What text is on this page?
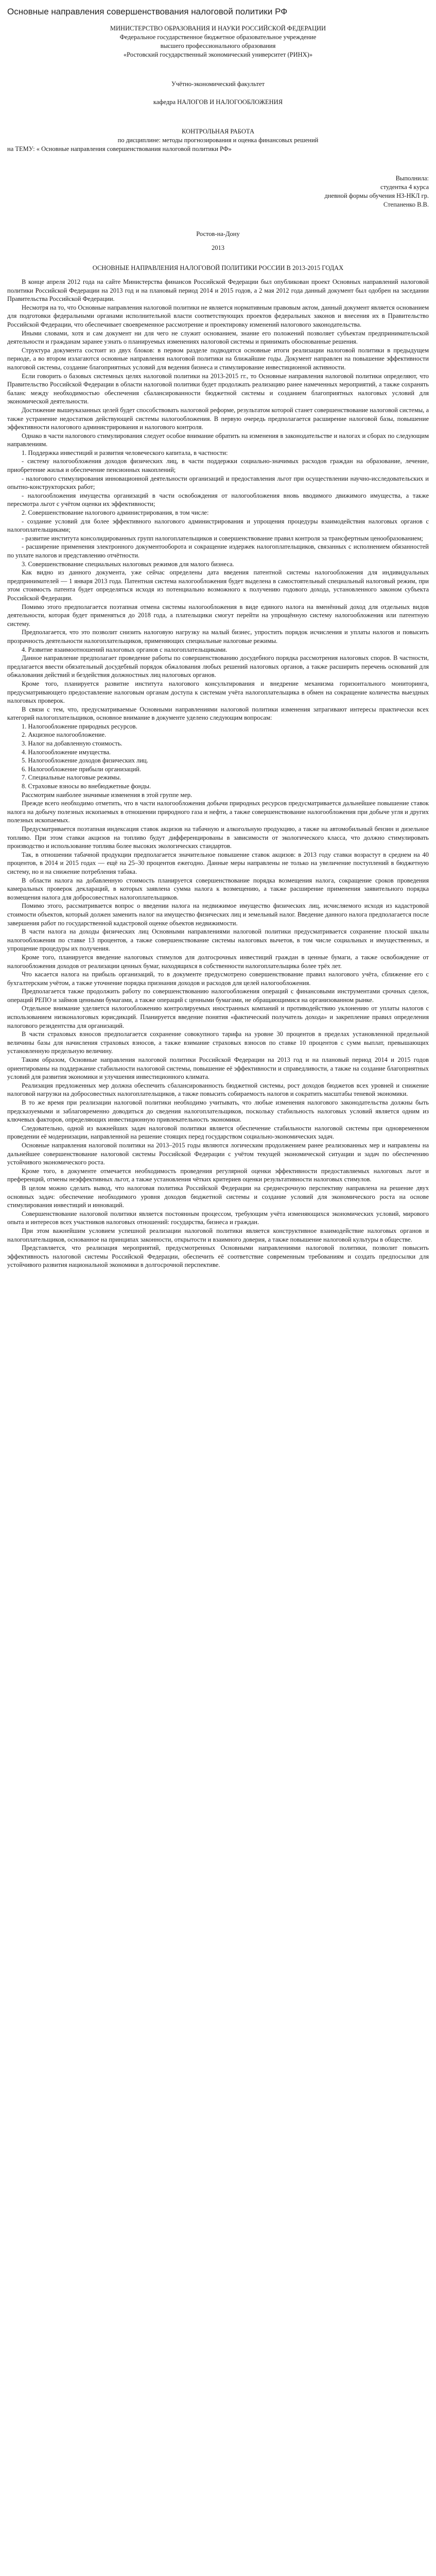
Основные направления совершенствования налоговой политики РФ

МИНИСТЕРСТВО ОБРАЗОВАНИЯ И НАУКИ РОССИЙСКОЙ ФЕДЕРАЦИИ

Федеральное государственное бюджетное образовательное учреждение

высшего профессионального образования

«Ростовский государственный экономический университет (РИНХ)»

Учётно-экономический факультет

кафедра НАЛОГОВ И НАЛОГООБЛОЖЕНИЯ

КОНТРОЛЬНАЯ РАБОТА

по дисциплине: методы прогнозирования и оценка финансовых решений

на ТЕМУ: « Основные направления совершенствования налоговой политики РФ»

Выполнила:

студентка 4 курса

дневной формы обучения НЗ-НКЛ гр.

Степаненко В.В.

Ростов-на-Дону

2013

ОСНОВНЫЕ НАПРАВЛЕНИЯ НАЛОГОВОЙ ПОЛИТИКИ РОССИИ В 2013-2015 ГОДАХ

В конце апреля 2012 года на сайте Министерства финансов Российской Федерации был опубликован проект Основных направлений налоговой политики Российской Федерации на 2013 год и на плановый период 2014 и 2015 годов, а 2 мая 2012 года данный документ был одобрен на заседании Правительства Российской Федерации.

Несмотря на то, что Основные направления налоговой политики не является нормативным правовым актом, данный документ является основанием для подготовки федеральными органами исполнительной власти соответствующих проектов федеральных законов и внесения их в Правительство Российской Федерации, что обеспечивает своевременное рассмотрение и проектировку изменений налогового законодательства.

Иными словами, хотя и сам документ ни для чего не служит основанием, знание его положений позволяет субъектам предпринимательской деятельности и гражданам заранее узнать о планируемых изменениях налоговой системы и принимать обоснованные решения.

Структура документа состоит из двух блоков: в первом разделе подводятся основные итоги реализации налоговой политики в предыдущем периоде, а во втором излагаются основные направления налоговой политики на ближайшие годы. Документ направлен на повышение эффективности налоговой системы, создание благоприятных условий для ведения бизнеса и стимулирование инвестиционной активности.

Если говорить о базовых системных целях налоговой политики на 2013-2015 гг., то Основные направления налоговой политики определяют, что Правительство Российской Федерации в области налоговой политики будет продолжать реализацию ранее намеченных мероприятий, а также сохранять баланс между необходимостью обеспечения сбалансированности бюджетной системы и созданием благоприятных налоговых условий для экономической деятельности.

Достижение вышеуказанных целей будет способствовать налоговой реформе, результатом которой станет совершенствование налоговой системы, а также устранение недостатков действующей системы налогообложения. В первую очередь предполагается расширение налоговой базы, повышение эффективности налогового администрирования и налогового контроля.

Однако в части налогового стимулирования следует особое внимание обратить на изменения в законодательстве и налогах и сборах по следующим направлениям.

1. Поддержка инвестиций и развития человеческого капитала, в частности:

- систему налогообложения доходов физических лиц, в части поддержки социально-значимых расходов граждан на образование, лечение, приобретение жилья и обеспечение пенсионных накоплений;

- налогового стимулирования инновационной деятельности организаций и предоставления льгот при осуществлении научно-исследовательских и опытно-конструкторских работ;

- налогообложения имущества организаций в части освобождения от налогообложения вновь вводимого движимого имущества, а также пересмотра льгот с учётом оценки их эффективности;

2. Совершенствование налогового администрирования, в том числе:

- создание условий для более эффективного налогового администрирования и упрощения процедуры взаимодействия налоговых органов с налогоплательщиками;

- развитие института консолидированных групп налогоплательщиков и совершенствование правил контроля за трансфертным ценообразованием;

- расширение применения электронного документооборота и сокращение издержек налогоплательщиков, связанных с исполнением обязанностей по уплате налогов и представлению отчётности.

3. Совершенствование специальных налоговых режимов для малого бизнеса.

Как видно из данного документа, уже сейчас определены дата введения патентной системы налогообложения для индивидуальных предпринимателей — 1 января 2013 года. Патентная система налогообложения будет выделена в самостоятельный специальный налоговый режим, при этом стоимость патента будет определяться исходя из потенциально возможного к получению годового дохода, установленного законом субъекта Российской Федерации.

Помимо этого предполагается поэтапная отмена системы налогообложения в виде единого налога на вменённый доход для отдельных видов деятельности, которая будет применяться до 2018 года, а плательщики смогут перейти на упрощённую систему налогообложения или патентную систему.

Предполагается, что это позволит снизить налоговую нагрузку на малый бизнес, упростить порядок исчисления и уплаты налогов и повысить прозрачность деятельности налогоплательщиков, применяющих специальные налоговые режимы.

4. Развитие взаимоотношений налоговых органов с налогоплательщиками.

Данное направление предполагает проведение работы по совершенствованию досудебного порядка рассмотрения налоговых споров. В частности, предлагается ввести обязательный досудебный порядок обжалования любых решений налоговых органов, а также расширить перечень оснований для обжалования действий и бездействия должностных лиц налоговых органов.

Кроме того, планируется развитие института налогового консультирования и внедрение механизма горизонтального мониторинга, предусматривающего предоставление налоговым органам доступа к системам учёта налогоплательщика в обмен на сокращение количества выездных налоговых проверок.

В связи с тем, что, предусматриваемые Основными направлениями налоговой политики изменения затрагивают интересы практически всех категорий налогоплательщиков, основное внимание в документе уделено следующим вопросам:

1. Налогообложение природных ресурсов.

2. Акцизное налогообложение.

3. Налог на добавленную стоимость.

4. Налогообложение имущества.

5. Налогообложение доходов физических лиц.

6. Налогообложение прибыли организаций.

7. Специальные налоговые режимы.

8. Страховые взносы во внебюджетные фонды.

Рассмотрим наиболее значимые изменения в этой группе мер.

Прежде всего необходимо отметить, что в части налогообложения добычи природных ресурсов предусматривается дальнейшее повышение ставок налога на добычу полезных ископаемых в отношении природного газа и нефти, а также совершенствование налогообложения при добыче угля и других полезных ископаемых.

Предусматривается поэтапная индексация ставок акцизов на табачную и алкогольную продукцию, а также на автомобильный бензин и дизельное топливо. При этом ставки акцизов на топливо будут дифференцированы в зависимости от экологического класса, что должно стимулировать производство и использование топлива более высоких экологических стандартов.

Так, в отношении табачной продукции предполагается значительное повышение ставок акцизов: в 2013 году ставки возрастут в среднем на 40 процентов, в 2014 и 2015 годах — ещё на 25–30 процентов ежегодно. Данные меры направлены не только на увеличение поступлений в бюджетную систему, но и на снижение потребления табака.

В области налога на добавленную стоимость планируется совершенствование порядка возмещения налога, сокращение сроков проведения камеральных проверок деклараций, в которых заявлена сумма налога к возмещению, а также расширение применения заявительного порядка возмещения налога для добросовестных налогоплательщиков.

Помимо этого, рассматривается вопрос о введении налога на недвижимое имущество физических лиц, исчисляемого исходя из кадастровой стоимости объектов, который должен заменить налог на имущество физических лиц и земельный налог. Введение данного налога предполагается после завершения работ по государственной кадастровой оценке объектов недвижимости.

В части налога на доходы физических лиц Основными направлениями налоговой политики предусматривается сохранение плоской шкалы налогообложения по ставке 13 процентов, а также совершенствование системы налоговых вычетов, в том числе социальных и имущественных, и упрощение процедуры их получения.

Кроме того, планируется введение налоговых стимулов для долгосрочных инвестиций граждан в ценные бумаги, а также освобождение от налогообложения доходов от реализации ценных бумаг, находящихся в собственности налогоплательщика более трёх лет.

Что касается налога на прибыль организаций, то в документе предусмотрено совершенствование правил налогового учёта, сближение его с бухгалтерским учётом, а также уточнение порядка признания доходов и расходов для целей налогообложения.

Предполагается также продолжить работу по совершенствованию налогообложения операций с финансовыми инструментами срочных сделок, операций РЕПО и займов ценными бумагами, а также операций с ценными бумагами, не обращающимися на организованном рынке.

Отдельное внимание уделяется налогообложению контролируемых иностранных компаний и противодействию уклонению от уплаты налогов с использованием низконалоговых юрисдикций. Планируется введение понятия «фактический получатель дохода» и закрепление правил определения налогового резидентства для организаций.

В части страховых взносов предполагается сохранение совокупного тарифа на уровне 30 процентов в пределах установленной предельной величины базы для начисления страховых взносов, а также взимание страховых взносов по ставке 10 процентов с сумм выплат, превышающих установленную предельную величину.

Таким образом, Основные направления налоговой политики Российской Федерации на 2013 год и на плановый период 2014 и 2015 годов ориентированы на поддержание стабильности налоговой системы, повышение её эффективности и справедливости, а также на создание благоприятных условий для развития экономики и улучшения инвестиционного климата.

Реализация предложенных мер должна обеспечить сбалансированность бюджетной системы, рост доходов бюджетов всех уровней и снижение налоговой нагрузки на добросовестных налогоплательщиков, а также повысить собираемость налогов и сократить масштабы теневой экономики.

В то же время при реализации налоговой политики необходимо учитывать, что любые изменения налогового законодательства должны быть предсказуемыми и заблаговременно доводиться до сведения налогоплательщиков, поскольку стабильность налоговых условий является одним из ключевых факторов, определяющих инвестиционную привлекательность экономики.

Следовательно, одной из важнейших задач налоговой политики является обеспечение стабильности налоговой системы при одновременном проведении её модернизации, направленной на решение стоящих перед государством социально-экономических задач.

Основные направления налоговой политики на 2013–2015 годы являются логическим продолжением ранее реализованных мер и направлены на дальнейшее совершенствование налоговой системы Российской Федерации с учётом текущей экономической ситуации и задач по обеспечению устойчивого экономического роста.

Кроме того, в документе отмечается необходимость проведения регулярной оценки эффективности предоставляемых налоговых льгот и преференций, отмены неэффективных льгот, а также установления чётких критериев оценки результативности налоговых стимулов.

В целом можно сделать вывод, что налоговая политика Российской Федерации на среднесрочную перспективу направлена на решение двух основных задач: обеспечение необходимого уровня доходов бюджетной системы и создание условий для экономического роста на основе стимулирования инвестиций и инноваций.

Совершенствование налоговой политики является постоянным процессом, требующим учёта изменяющихся экономических условий, мирового опыта и интересов всех участников налоговых отношений: государства, бизнеса и граждан.

При этом важнейшим условием успешной реализации налоговой политики является конструктивное взаимодействие налоговых органов и налогоплательщиков, основанное на принципах законности, открытости и взаимного доверия, а также повышение налоговой культуры в обществе.

Представляется, что реализация мероприятий, предусмотренных Основными направлениями налоговой политики, позволит повысить эффективность налоговой системы Российской Федерации, обеспечить её соответствие современным требованиям и создать предпосылки для устойчивого развития национальной экономики в долгосрочной перспективе.
